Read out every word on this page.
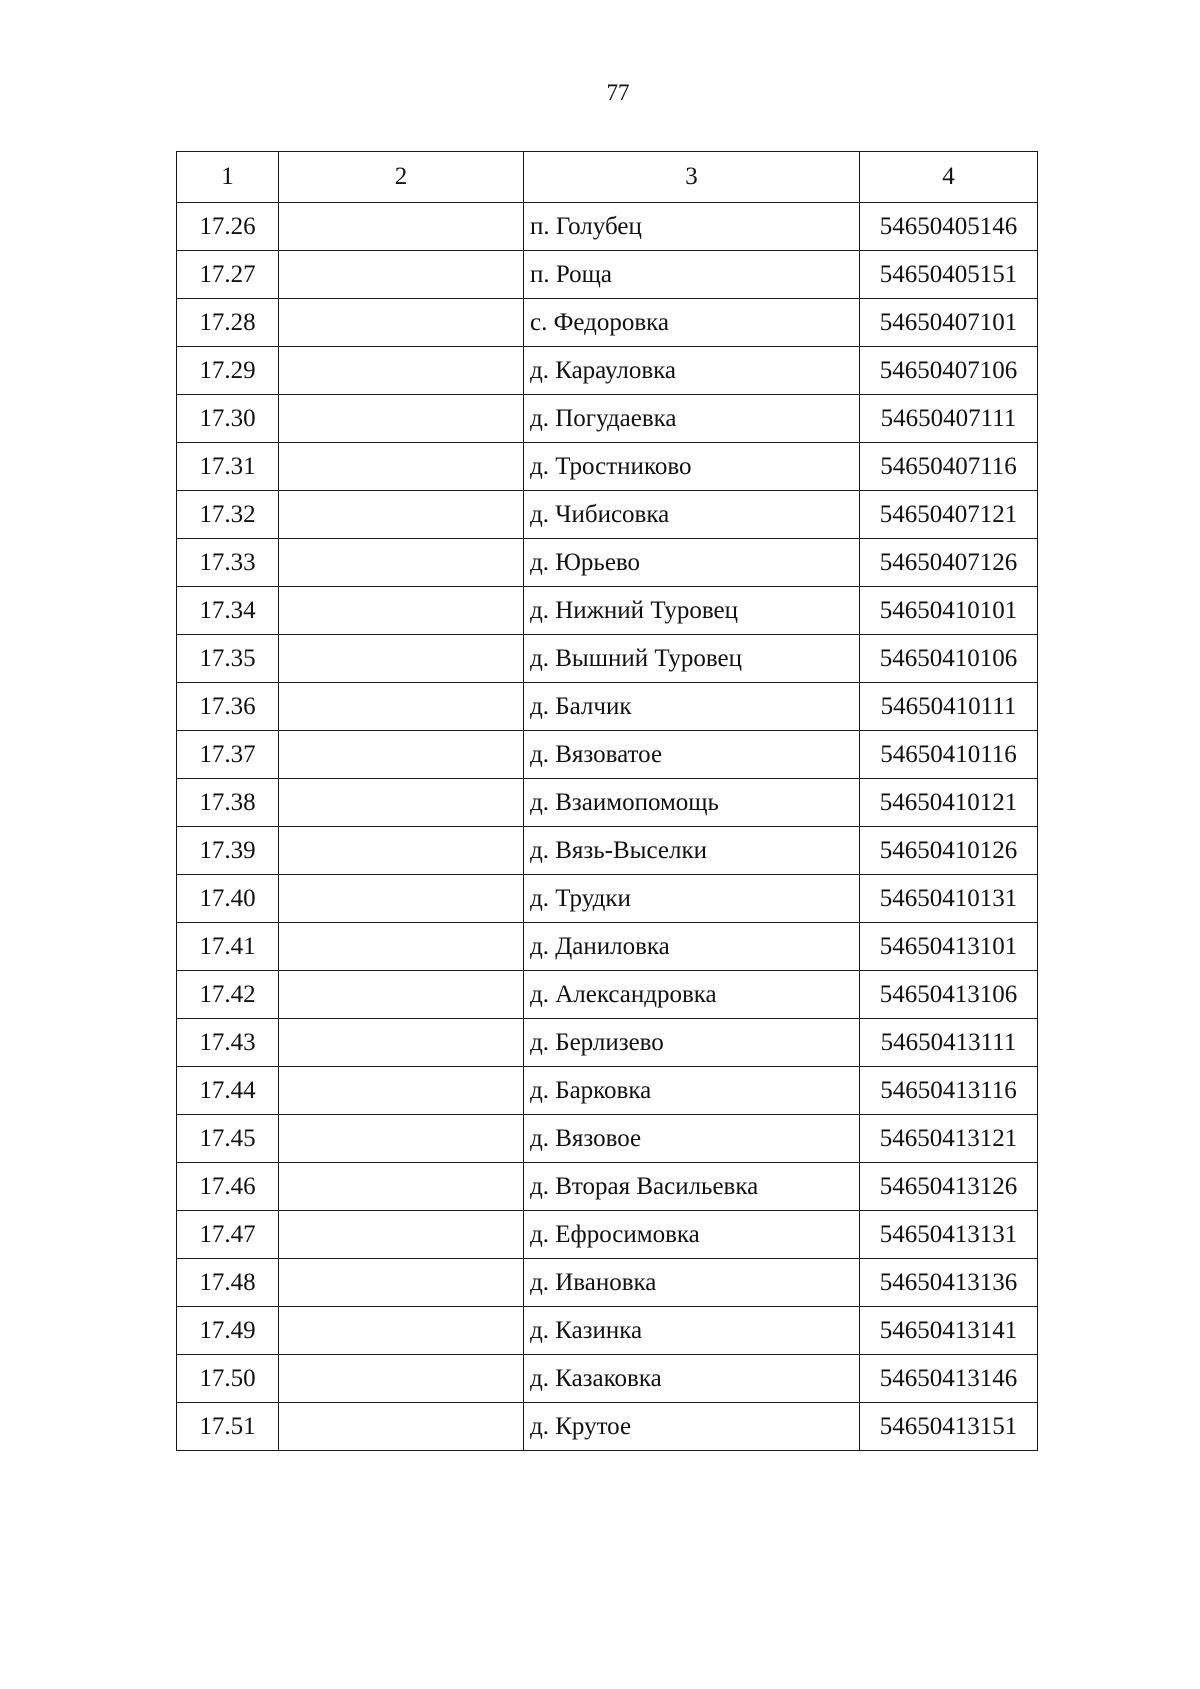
77
1	2	3	4
17.26		п. Голубец	54650405146
17.27		п. Роща	54650405151
17.28		с. Федоровка	54650407101
17.29		д. Карауловка	54650407106
17.30		д. Погудаевка	54650407111
17.31		д. Тростниково	54650407116
17.32		д. Чибисовка	54650407121
17.33		д. Юрьево	54650407126
17.34		д. Нижний Туровец	54650410101
17.35		д. Вышний Туровец	54650410106
17.36		д. Балчик	54650410111
17.37		д. Вязоватое	54650410116
17.38		д. Взаимопомощь	54650410121
17.39		д. Вязь-Выселки	54650410126
17.40		д. Трудки	54650410131
17.41		д. Даниловка	54650413101
17.42		д. Александровка	54650413106
17.43		д. Берлизево	54650413111
17.44		д. Барковка	54650413116
17.45		д. Вязовое	54650413121
17.46		д. Вторая Васильевка	54650413126
17.47		д. Ефросимовка	54650413131
17.48		д. Ивановка	54650413136
17.49		д. Казинка	54650413141
17.50		д. Казаковка	54650413146
17.51		д. Крутое	54650413151
